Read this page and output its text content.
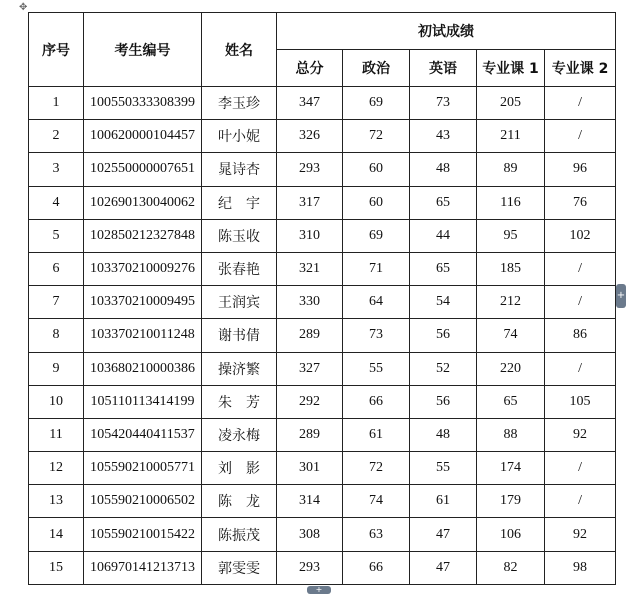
✥
序号	考生编号	姓名	初试成绩				
			总分	政治	英语	专业课 1	专业课 2
1	100550333308399	李玉珍	347	69	73	205	/
2	100620000104457	叶小妮	326	72	43	211	/
3	102550000007651	晁诗杏	293	60	48	89	96
4	102690130040062	纪宇	317	60	65	116	76
5	102850212327848	陈玉收	310	69	44	95	102
6	103370210009276	张春艳	321	71	65	185	/
7	103370210009495	王润宾	330	64	54	212	/
8	103370210011248	谢书倩	289	73	56	74	86
9	103680210000386	操济繁	327	55	52	220	/
10	105110113414199	朱芳	292	66	56	65	105
11	105420440411537	凌永梅	289	61	48	88	92
12	105590210005771	刘影	301	72	55	174	/
13	105590210006502	陈龙	314	74	61	179	/
14	105590210015422	陈振茂	308	63	47	106	92
15	106970141213713	郭雯雯	293	66	47	82	98
+
+
